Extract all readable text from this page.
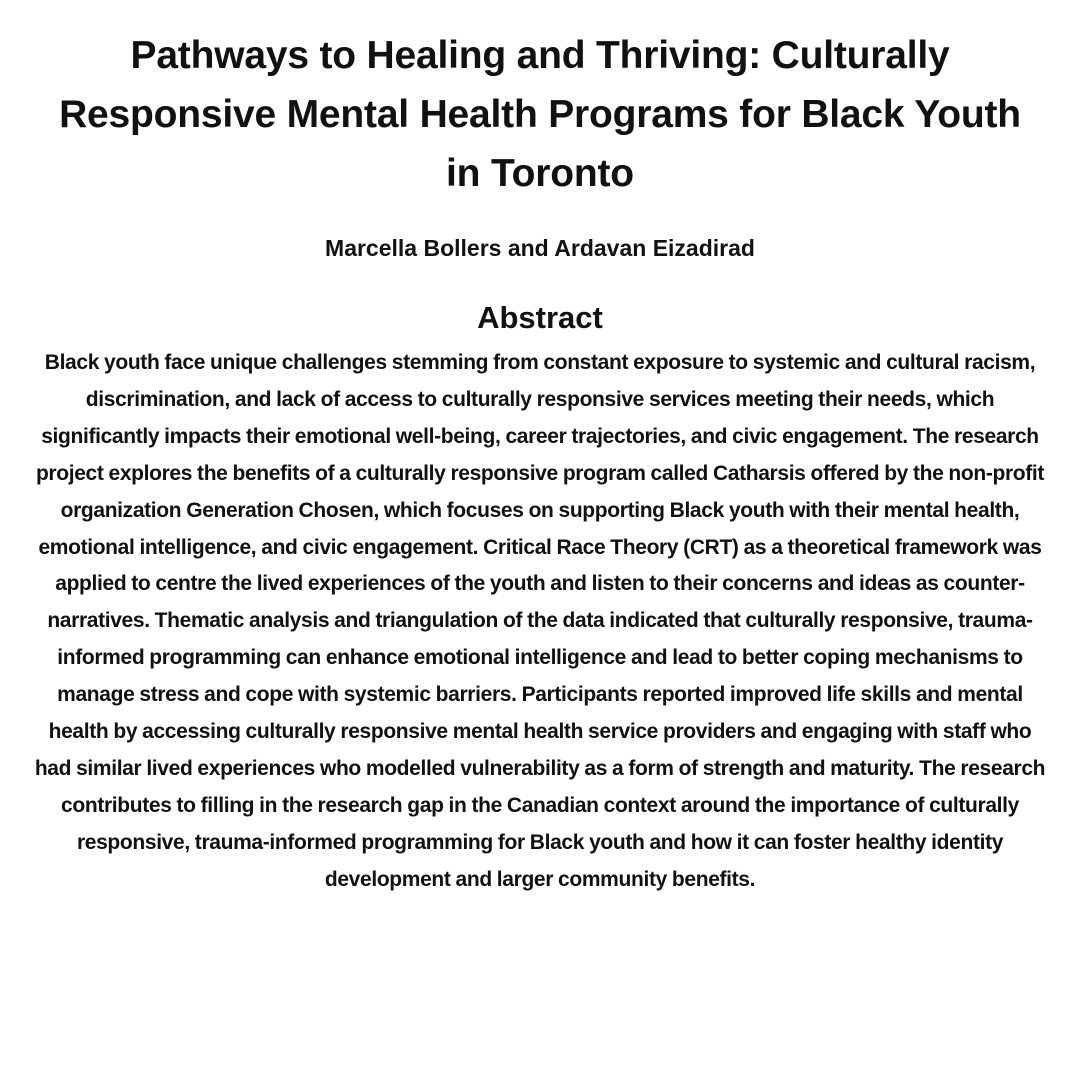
Pathways to Healing and Thriving: Culturally Responsive Mental Health Programs for Black Youth in Toronto

Marcella Bollers and Ardavan Eizadirad

Abstract

Black youth face unique challenges stemming from constant exposure to systemic and cultural racism, discrimination, and lack of access to culturally responsive services meeting their needs, which significantly impacts their emotional well-being, career trajectories, and civic engagement. The research project explores the benefits of a culturally responsive program called Catharsis offered by the non-profit organization Generation Chosen, which focuses on supporting Black youth with their mental health, emotional intelligence, and civic engagement. Critical Race Theory (CRT) as a theoretical framework was applied to centre the lived experiences of the youth and listen to their concerns and ideas as counter-narratives. Thematic analysis and triangulation of the data indicated that culturally responsive, trauma-informed programming can enhance emotional intelligence and lead to better coping mechanisms to manage stress and cope with systemic barriers. Participants reported improved life skills and mental health by accessing culturally responsive mental health service providers and engaging with staff who had similar lived experiences who modelled vulnerability as a form of strength and maturity. The research contributes to filling in the research gap in the Canadian context around the importance of culturally responsive, trauma-informed programming for Black youth and how it can foster healthy identity development and larger community benefits.
